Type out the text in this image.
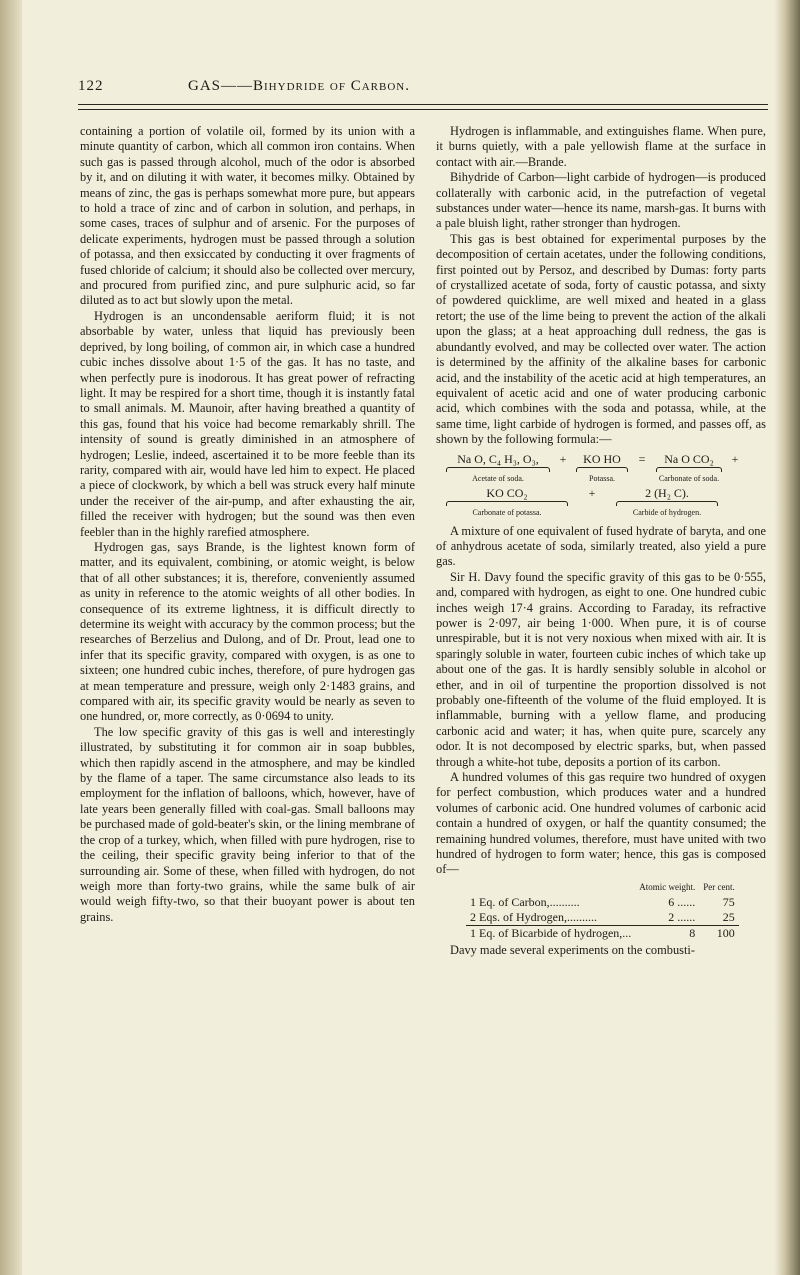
122	GAS——Bihydride of Carbon.

containing a portion of volatile oil, formed by its union with a minute quantity of carbon, which all common iron contains. When such gas is passed through alcohol, much of the odor is absorbed by it, and on diluting it with water, it becomes milky. Obtained by means of zinc, the gas is perhaps somewhat more pure, but appears to hold a trace of zinc and of carbon in solution, and perhaps, in some cases, traces of sulphur and of arsenic. For the purposes of delicate experiments, hydrogen must be passed through a solution of potassa, and then exsiccated by conducting it over fragments of fused chloride of calcium; it should also be collected over mercury, and procured from purified zinc, and pure sulphuric acid, so far diluted as to act but slowly upon the metal.

Hydrogen is an uncondensable aeriform fluid; it is not absorbable by water, unless that liquid has previously been deprived, by long boiling, of common air, in which case a hundred cubic inches dissolve about 1·5 of the gas. It has no taste, and when perfectly pure is inodorous. It has great power of refracting light. It may be respired for a short time, though it is instantly fatal to small animals. M. Maunoir, after having breathed a quantity of this gas, found that his voice had become remarkably shrill. The intensity of sound is greatly diminished in an atmosphere of hydrogen; Leslie, indeed, ascertained it to be more feeble than its rarity, compared with air, would have led him to expect. He placed a piece of clockwork, by which a bell was struck every half minute under the receiver of the air-pump, and after exhausting the air, filled the receiver with hydrogen; but the sound was then even feebler than in the highly rarefied atmosphere.

Hydrogen gas, says Brande, is the lightest known form of matter, and its equivalent, combining, or atomic weight, is below that of all other substances; it is, therefore, conveniently assumed as unity in reference to the atomic weights of all other bodies. In consequence of its extreme lightness, it is difficult directly to determine its weight with accuracy by the common process; but the researches of Berzelius and Dulong, and of Dr. Prout, lead one to infer that its specific gravity, compared with oxygen, is as one to sixteen; one hundred cubic inches, therefore, of pure hydrogen gas at mean temperature and pressure, weigh only 2·1483 grains, and compared with air, its specific gravity would be nearly as seven to one hundred, or, more correctly, as 0·0694 to unity.

The low specific gravity of this gas is well and interestingly illustrated, by substituting it for common air in soap bubbles, which then rapidly ascend in the atmosphere, and may be kindled by the flame of a taper. The same circumstance also leads to its employment for the inflation of balloons, which, however, have of late years been generally filled with coal-gas. Small balloons may be purchased made of gold-beater's skin, or the lining membrane of the crop of a turkey, which, when filled with pure hydrogen, rise to the ceiling, their specific gravity being inferior to that of the surrounding air. Some of these, when filled with hydrogen, do not weigh more than forty-two grains, while the same bulk of air would weigh fifty-two, so that their buoyant power is about ten grains.

Hydrogen is inflammable, and extinguishes flame. When pure, it burns quietly, with a pale yellowish flame at the surface in contact with air.—Brande.

Bihydride of Carbon—light carbide of hydrogen—is produced collaterally with carbonic acid, in the putrefaction of vegetal substances under water—hence its name, marsh-gas. It burns with a pale bluish light, rather stronger than hydrogen.

This gas is best obtained for experimental purposes by the decomposition of certain acetates, under the following conditions, first pointed out by Persoz, and described by Dumas: forty parts of crystallized acetate of soda, forty of caustic potassa, and sixty of powdered quicklime, are well mixed and heated in a glass retort; the use of the lime being to prevent the action of the alkali upon the glass; at a heat approaching dull redness, the gas is abundantly evolved, and may be collected over water. The action is determined by the affinity of the alkaline bases for carbonic acid, and the instability of the acetic acid at high temperatures, an equivalent of acetic acid and one of water producing carbonic acid, which combines with the soda and potassa, while, at the same time, light carbide of hydrogen is formed, and passes off, as shown by the following formula:—

Na O, C₄ H₃, O₃,	+	KO HO	=	Na O CO₂	+
Acetate of soda.	Potassa.	Carbonate of soda.
KO CO₂	+	2 (H₂ C).
Carbonate of potassa.	Carbide of hydrogen.

A mixture of one equivalent of fused hydrate of baryta, and one of anhydrous acetate of soda, similarly treated, also yield a pure gas.

Sir H. Davy found the specific gravity of this gas to be 0·555, and, compared with hydrogen, as eight to one. One hundred cubic inches weigh 17·4 grains. According to Faraday, its refractive power is 2·097, air being 1·000. When pure, it is of course unrespirable, but it is not very noxious when mixed with air. It is sparingly soluble in water, fourteen cubic inches of which take up about one of the gas. It is hardly sensibly soluble in alcohol or ether, and in oil of turpentine the proportion dissolved is not probably one-fifteenth of the volume of the fluid employed. It is inflammable, burning with a yellow flame, and producing carbonic acid and water; it has, when quite pure, scarcely any odor. It is not decomposed by electric sparks, but, when passed through a white-hot tube, deposits a portion of its carbon.

A hundred volumes of this gas require two hundred of oxygen for perfect combustion, which produces water and a hundred volumes of carbonic acid. One hundred volumes of carbonic acid contain a hundred of oxygen, or half the quantity consumed; the remaining hundred volumes, therefore, must have united with two hundred of hydrogen to form water; hence, this gas is composed of—

	Atomic weight.	Per cent.
1 Eq. of Carbon,..........	6 ......	75
2 Eqs. of Hydrogen,..........	2 ......	25
1 Eq. of Bicarbide of hydrogen,...	8	100

Davy made several experiments on the combusti-
